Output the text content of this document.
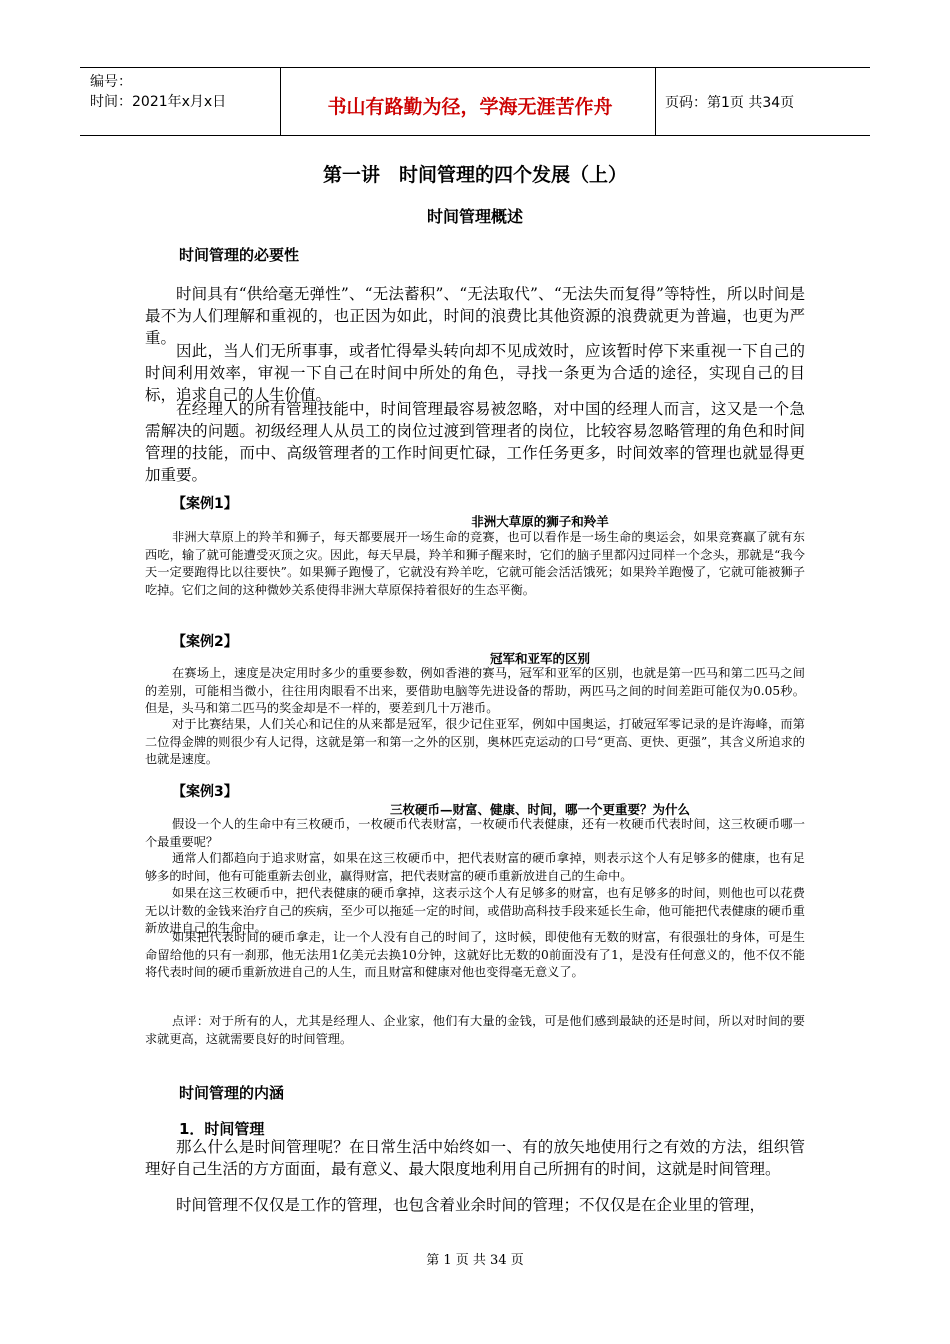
编号：
时间：2021年x月x日	书山有路勤为径，学海无涯苦作舟	页码：第1页 共34页
第一讲　时间管理的四个发展（上）
时间管理概述
时间管理的必要性
时间具有“供给毫无弹性”、“无法蓄积”、“无法取代”、“无法失而复得”等特性，所以时间是最不为人们理解和重视的，也正因为如此，时间的浪费比其他资源的浪费就更为普遍，也更为严重。
因此，当人们无所事事，或者忙得晕头转向却不见成效时，应该暂时停下来重视一下自己的时间利用效率，审视一下自己在时间中所处的角色，寻找一条更为合适的途径，实现自己的目标，追求自己的人生价值。
在经理人的所有管理技能中，时间管理最容易被忽略，对中国的经理人而言，这又是一个急需解决的问题。初级经理人从员工的岗位过渡到管理者的岗位，比较容易忽略管理的角色和时间管理的技能，而中、高级管理者的工作时间更忙碌，工作任务更多，时间效率的管理也就显得更加重要。
【案例1】
非洲大草原的狮子和羚羊
非洲大草原上的羚羊和狮子，每天都要展开一场生命的竞赛，也可以看作是一场生命的奥运会，如果竞赛赢了就有东西吃，输了就可能遭受灭顶之灾。因此，每天早晨，羚羊和狮子醒来时，它们的脑子里都闪过同样一个念头，那就是“我今天一定要跑得比以往要快”。如果狮子跑慢了，它就没有羚羊吃，它就可能会活活饿死；如果羚羊跑慢了，它就可能被狮子吃掉。它们之间的这种微妙关系使得非洲大草原保持着很好的生态平衡。
【案例2】
冠军和亚军的区别
在赛场上，速度是决定用时多少的重要参数，例如香港的赛马，冠军和亚军的区别，也就是第一匹马和第二匹马之间的差别，可能相当微小，往往用肉眼看不出来，要借助电脑等先进设备的帮助，两匹马之间的时间差距可能仅为0.05秒。但是，头马和第二匹马的奖金却是不一样的，要差到几十万港币。
对于比赛结果，人们关心和记住的从来都是冠军，很少记住亚军，例如中国奥运，打破冠军零记录的是许海峰，而第二位得金牌的则很少有人记得，这就是第一和第一之外的区别，奥林匹克运动的口号“更高、更快、更强”，其含义所追求的也就是速度。
【案例3】
三枚硬币—财富、健康、时间，哪一个更重要？为什么
假设一个人的生命中有三枚硬币，一枚硬币代表财富，一枚硬币代表健康，还有一枚硬币代表时间，这三枚硬币哪一个最重要呢？
通常人们都趋向于追求财富，如果在这三枚硬币中，把代表财富的硬币拿掉，则表示这个人有足够多的健康，也有足够多的时间，他有可能重新去创业，赢得财富，把代表财富的硬币重新放进自己的生命中。
如果在这三枚硬币中，把代表健康的硬币拿掉，这表示这个人有足够多的财富，也有足够多的时间，则他也可以花费无以计数的金钱来治疗自己的疾病，至少可以拖延一定的时间，或借助高科技手段来延长生命，他可能把代表健康的硬币重新放进自己的生命中。
如果把代表时间的硬币拿走，让一个人没有自己的时间了，这时候，即使他有无数的财富，有很强壮的身体，可是生命留给他的只有一刹那，他无法用1亿美元去换10分钟，这就好比无数的0前面没有了1，是没有任何意义的，他不仅不能将代表时间的硬币重新放进自己的人生，而且财富和健康对他也变得毫无意义了。
点评：对于所有的人，尤其是经理人、企业家，他们有大量的金钱，可是他们感到最缺的还是时间，所以对时间的要求就更高，这就需要良好的时间管理。
时间管理的内涵
1．时间管理
那么什么是时间管理呢？在日常生活中始终如一、有的放矢地使用行之有效的方法，组织管理好自己生活的方方面面，最有意义、最大限度地利用自己所拥有的时间，这就是时间管理。
时间管理不仅仅是工作的管理，也包含着业余时间的管理；不仅仅是在企业里的管理，
第 1 页 共 34 页
